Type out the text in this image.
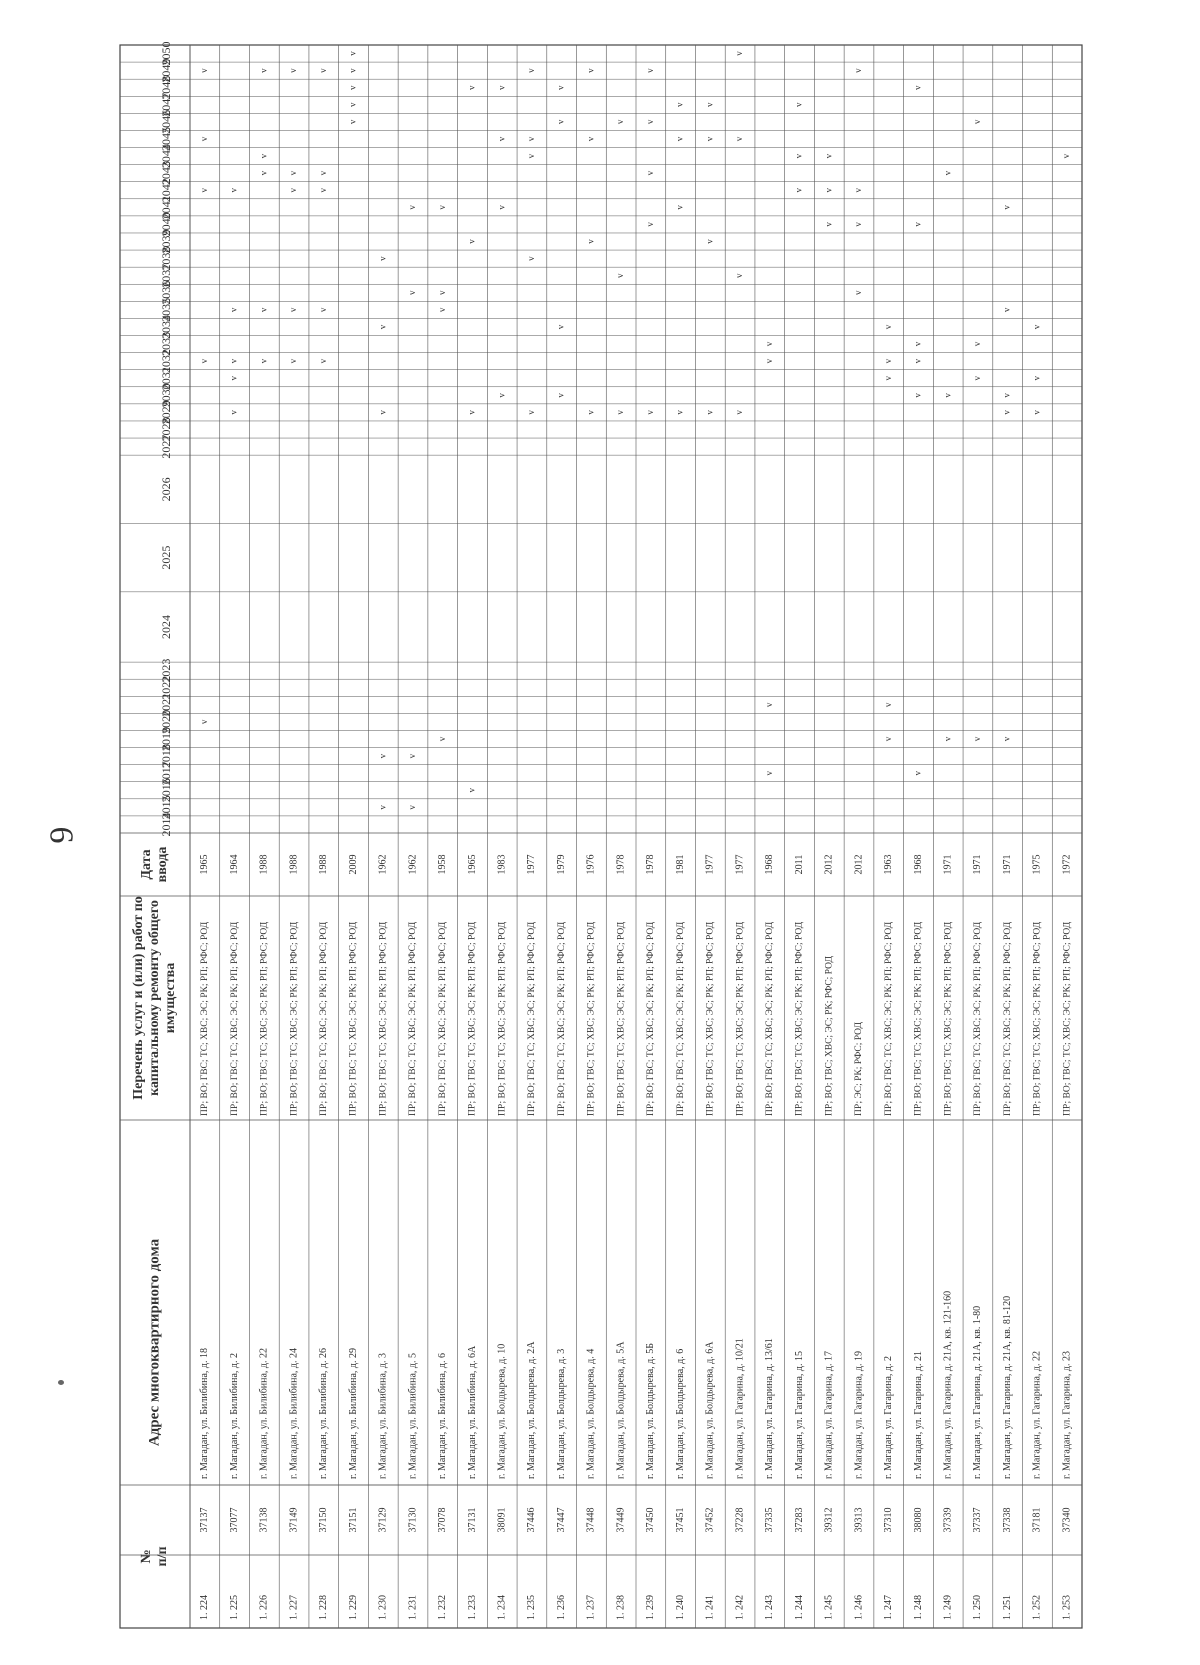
6
№п/п
Адрес многоквартирного дома
Перечень услуг и (или) работ покапитальному ремонту общегоимущества
Датаввода
2014
2015
2016
2017
2018
2019
2020
2021
2022
2023
2024
2025
2026
2027
2028
2029
2030
2031
2032
2033
2034
2035
2036
2037
2038
2039
2040
2041
2042
2043
2044
2045
2046
2047
2048
2049
2050
1. 224
37137
г. Магадан, ул. Билибина, д. 18
ПР; ВО; ГВС; ТС; ХВС; ЭС; РК; РП; РФС; РОД
1965
v
v
v
v
v
1. 225
37077
г. Магадан, ул. Билибина, д. 2
ПР; ВО; ГВС; ТС; ХВС; ЭС; РК; РП; РФС; РОД
1964
v
v
v
v
v
1. 226
37138
г. Магадан, ул. Билибина, д. 22
ПР; ВО; ГВС; ТС; ХВС; ЭС; РК; РП; РФС; РОД
1988
v
v
v
v
v
1. 227
37149
г. Магадан, ул. Билибина, д. 24
ПР; ВО; ГВС; ТС; ХВС; ЭС; РК; РП; РФС; РОД
1988
v
v
v
v
v
1. 228
37150
г. Магадан, ул. Билибина, д. 26
ПР; ВО; ГВС; ТС; ХВС; ЭС; РК; РП; РФС; РОД
1988
v
v
v
v
v
1. 229
37151
г. Магадан, ул. Билибина, д. 29
ПР; ВО; ГВС; ТС; ХВС; ЭС; РК; РП; РФС; РОД
2009
v
v
v
v
v
1. 230
37129
г. Магадан, ул. Билибина, д. 3
ПР; ВО; ГВС; ТС; ХВС; ЭС; РК; РП; РФС; РОД
1962
v
v
v
v
v
1. 231
37130
г. Магадан, ул. Билибина, д. 5
ПР; ВО; ГВС; ТС; ХВС; ЭС; РК; РП; РФС; РОД
1962
v
v
v
v
1. 232
37078
г. Магадан, ул. Билибина, д. 6
ПР; ВО; ГВС; ТС; ХВС; ЭС; РК; РП; РФС; РОД
1958
v
v
v
v
1. 233
37131
г. Магадан, ул. Билибина, д. 6А
ПР; ВО; ГВС; ТС; ХВС; ЭС; РК; РП; РФС; РОД
1965
v
v
v
v
1. 234
38091
г. Магадан, ул. Болдырева, д. 10
ПР; ВО; ГВС; ТС; ХВС; ЭС; РК; РП; РФС; РОД
1983
v
v
v
v
1. 235
37446
г. Магадан, ул. Болдырева, д. 2А
ПР; ВО; ГВС; ТС; ХВС; ЭС; РК; РП; РФС; РОД
1977
v
v
v
v
v
1. 236
37447
г. Магадан, ул. Болдырева, д. 3
ПР; ВО; ГВС; ТС; ХВС; ЭС; РК; РП; РФС; РОД
1979
v
v
v
v
1. 237
37448
г. Магадан, ул. Болдырева, д. 4
ПР; ВО; ГВС; ТС; ХВС; ЭС; РК; РП; РФС; РОД
1976
v
v
v
v
1. 238
37449
г. Магадан, ул. Болдырева, д. 5А
ПР; ВО; ГВС; ТС; ХВС; ЭС; РК; РП; РФС; РОД
1978
v
v
v
1. 239
37450
г. Магадан, ул. Болдырева, д. 5Б
ПР; ВО; ГВС; ТС; ХВС; ЭС; РК; РП; РФС; РОД
1978
v
v
v
v
v
1. 240
37451
г. Магадан, ул. Болдырева, д. 6
ПР; ВО; ГВС; ТС; ХВС; ЭС; РК; РП; РФС; РОД
1981
v
v
v
v
1. 241
37452
г. Магадан, ул. Болдырева, д. 6А
ПР; ВО; ГВС; ТС; ХВС; ЭС; РК; РП; РФС; РОД
1977
v
v
v
v
1. 242
37228
г. Магадан, ул. Гагарина, д. 10/21
ПР; ВО; ГВС; ТС; ХВС; ЭС; РК; РП; РФС; РОД
1977
v
v
v
v
1. 243
37335
г. Магадан, ул. Гагарина, д. 13/61
ПР; ВО; ГВС; ТС; ХВС; ЭС; РК; РП; РФС; РОД
1968
v
v
v
v
1. 244
37283
г. Магадан, ул. Гагарина, д. 15
ПР; ВО; ГВС; ТС; ХВС; ЭС; РК; РП; РФС; РОД
2011
v
v
v
1. 245
39312
г. Магадан, ул. Гагарина, д. 17
ПР; ВО; ГВС; ХВС; ЭС; РК; РФС; РОД
2012
v
v
v
1. 246
39313
г. Магадан, ул. Гагарина, д. 19
ПР; ЭС; РК; РФС; РОД
2012
v
v
v
v
1. 247
37310
г. Магадан, ул. Гагарина, д. 2
ПР; ВО; ГВС; ТС; ХВС; ЭС; РК; РП; РФС; РОД
1963
v
v
v
v
v
1. 248
38080
г. Магадан, ул. Гагарина, д. 21
ПР; ВО; ГВС; ТС; ХВС; ЭС; РК; РП; РФС; РОД
1968
v
v
v
v
v
v
1. 249
37339
г. Магадан, ул. Гагарина, д. 21А, кв. 121-160
ПР; ВО; ГВС; ТС; ХВС; ЭС; РК; РП; РФС; РОД
1971
v
v
v
1. 250
37337
г. Магадан, ул. Гагарина, д. 21А, кв. 1-80
ПР; ВО; ГВС; ТС; ХВС; ЭС; РК; РП; РФС; РОД
1971
v
v
v
v
1. 251
37338
г. Магадан, ул. Гагарина, д. 21А, кв. 81-120
ПР; ВО; ГВС; ТС; ХВС; ЭС; РК; РП; РФС; РОД
1971
v
v
v
v
v
1. 252
37181
г. Магадан, ул. Гагарина, д. 22
ПР; ВО; ГВС; ТС; ХВС; ЭС; РК; РП; РФС; РОД
1975
v
v
v
1. 253
37340
г. Магадан, ул. Гагарина, д. 23
ПР; ВО; ГВС; ТС; ХВС; ЭС; РК; РП; РФС; РОД
1972
v
